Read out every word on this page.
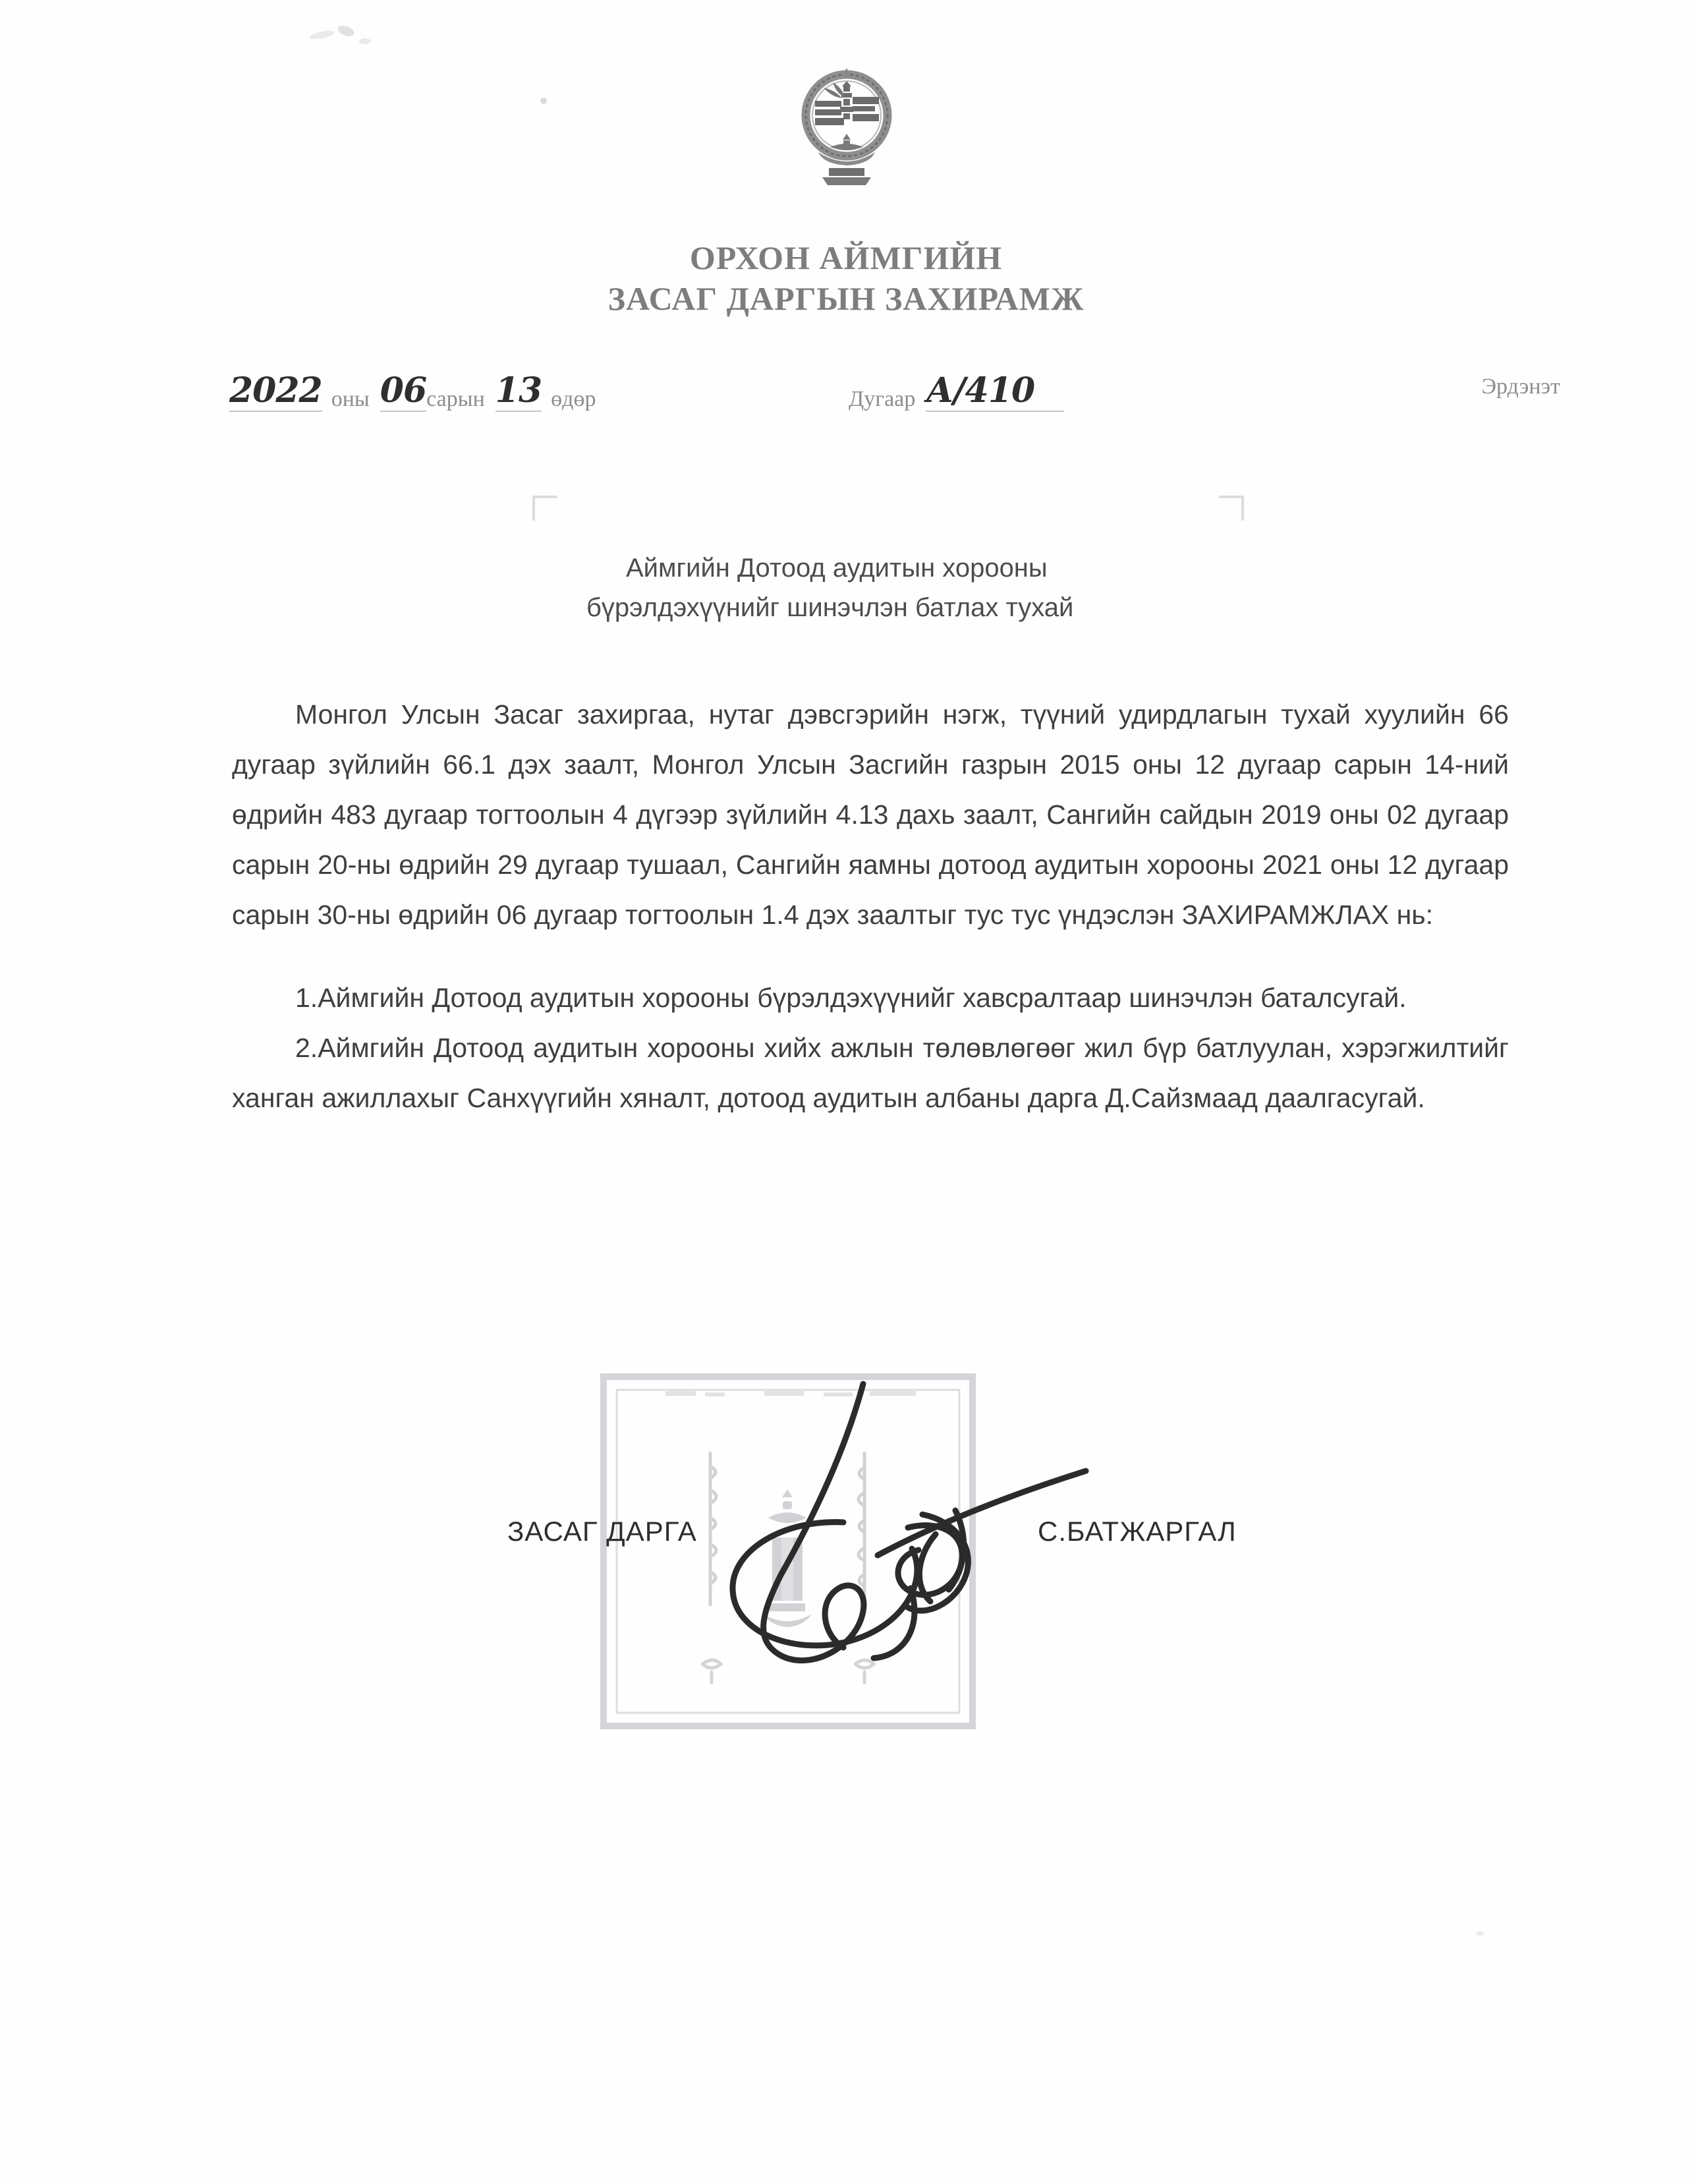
ОРХОН АЙМГИЙН
ЗАСАГ ДАРГЫН ЗАХИРАМЖ
2022 оны 06 сарын 13 өдөр	Дугаар А/410	Эрдэнэт
Аймгийн Дотоод аудитын хорооны
бүрэлдэхүүнийг шинэчлэн батлах тухай

Монгол Улсын Засаг захиргаа, нутаг дэвсгэрийн нэгж, түүний удирдлагын тухай хуулийн 66 дугаар зүйлийн 66.1 дэх заалт, Монгол Улсын Засгийн газрын 2015 оны 12 дугаар сарын 14-ний өдрийн 483 дугаар тогтоолын 4 дүгээр зүйлийн 4.13 дахь заалт, Сангийн сайдын 2019 оны 02 дугаар сарын 20-ны өдрийн 29 дугаар тушаал, Сангийн яамны дотоод аудитын хорооны 2021 оны 12 дугаар сарын 30-ны өдрийн 06 дугаар тогтоолын 1.4 дэх заалтыг тус тус үндэслэн ЗАХИРАМЖЛАХ нь:

1.Аймгийн Дотоод аудитын хорооны бүрэлдэхүүнийг хавсралтаар шинэчлэн баталсугай.

2.Аймгийн Дотоод аудитын хорооны хийх ажлын төлөвлөгөөг жил бүр батлуулан, хэрэгжилтийг ханган ажиллахыг Санхүүгийн хяналт, дотоод аудитын албаны дарга Д.Сайзмаад даалгасугай.

ЗАСАГ ДАРГА	С.БАТЖАРГАЛ
